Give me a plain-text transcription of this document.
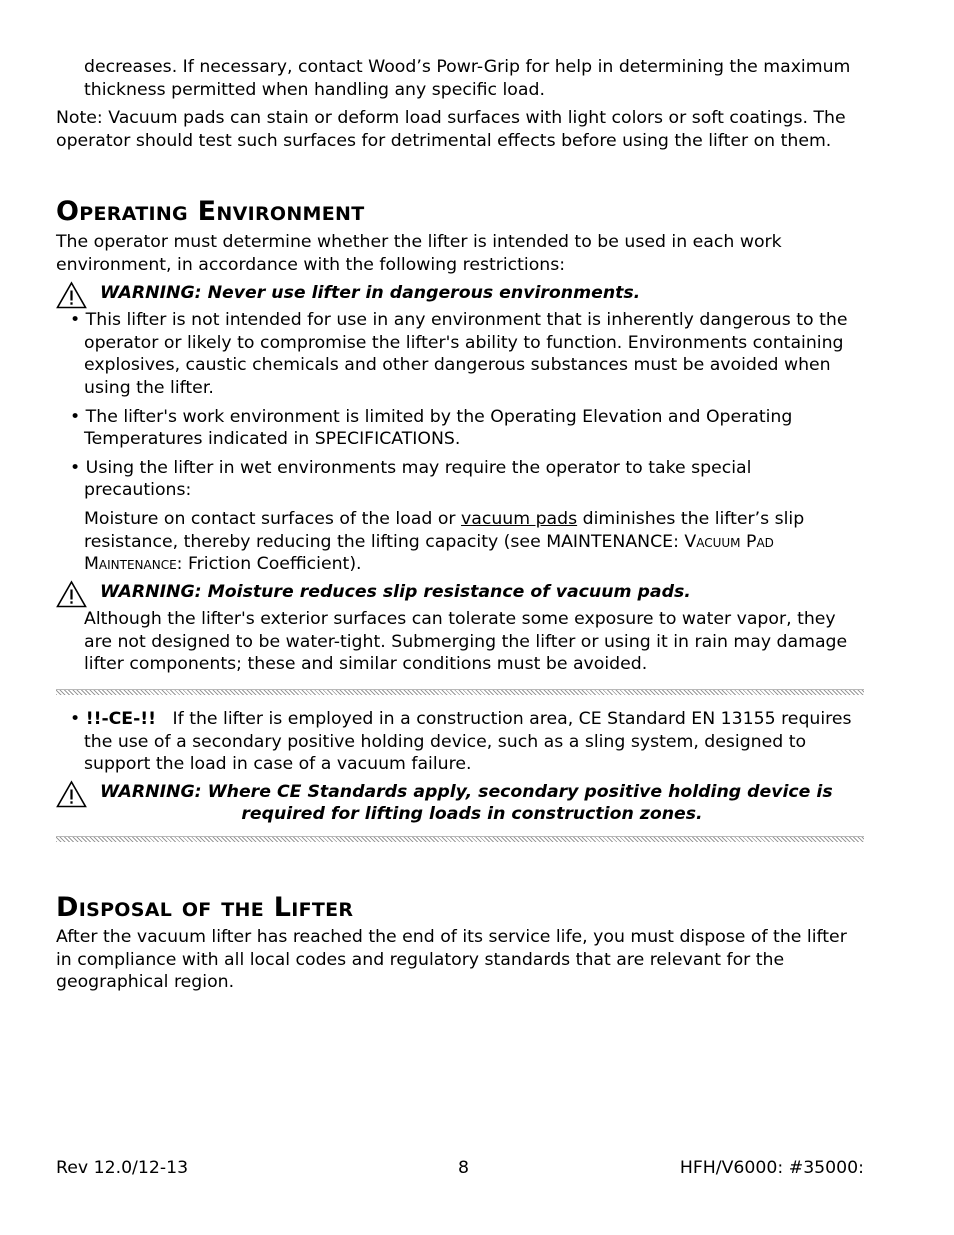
decreases. If necessary, contact Wood’s Powr-Grip for help in determining the maximum thickness permitted when handling any specific load.

Note: Vacuum pads can stain or deform load surfaces with light colors or soft coatings. The operator should test such surfaces for detrimental effects before using the lifter on them.

Operating Environment

The operator must determine whether the lifter is intended to be used in each work environment, in accordance with the following restrictions:

WARNING: Never use lifter in dangerous environments.

• This lifter is not intended for use in any environment that is inherently dangerous to the operator or likely to compromise the lifter's ability to function. Environments containing explosives, caustic chemicals and other dangerous substances must be avoided when using the lifter.

• The lifter's work environment is limited by the Operating Elevation and Operating Temperatures indicated in SPECIFICATIONS.

• Using the lifter in wet environments may require the operator to take special precautions:

Moisture on contact surfaces of the load or vacuum pads diminishes the lifter’s slip resistance, thereby reducing the lifting capacity (see MAINTENANCE: Vacuum Pad Maintenance: Friction Coefficient).

WARNING: Moisture reduces slip resistance of vacuum pads.

Although the lifter's exterior surfaces can tolerate some exposure to water vapor, they are not designed to be water-tight. Submerging the lifter or using it in rain may damage lifter components; these and similar conditions must be avoided.

• !!-CE-!!   If the lifter is employed in a construction area, CE Standard EN 13155 requires the use of a secondary positive holding device, such as a sling system, designed to support the load in case of a vacuum failure.

WARNING: Where CE Standards apply, secondary positive holding device is
required for lifting loads in construction zones.
Disposal of the Lifter

After the vacuum lifter has reached the end of its service life, you must dispose of the lifter in compliance with all local codes and regulatory standards that are relevant for the geographical region.

Rev 12.0/12-13	8	HFH/V6000: #35000:
